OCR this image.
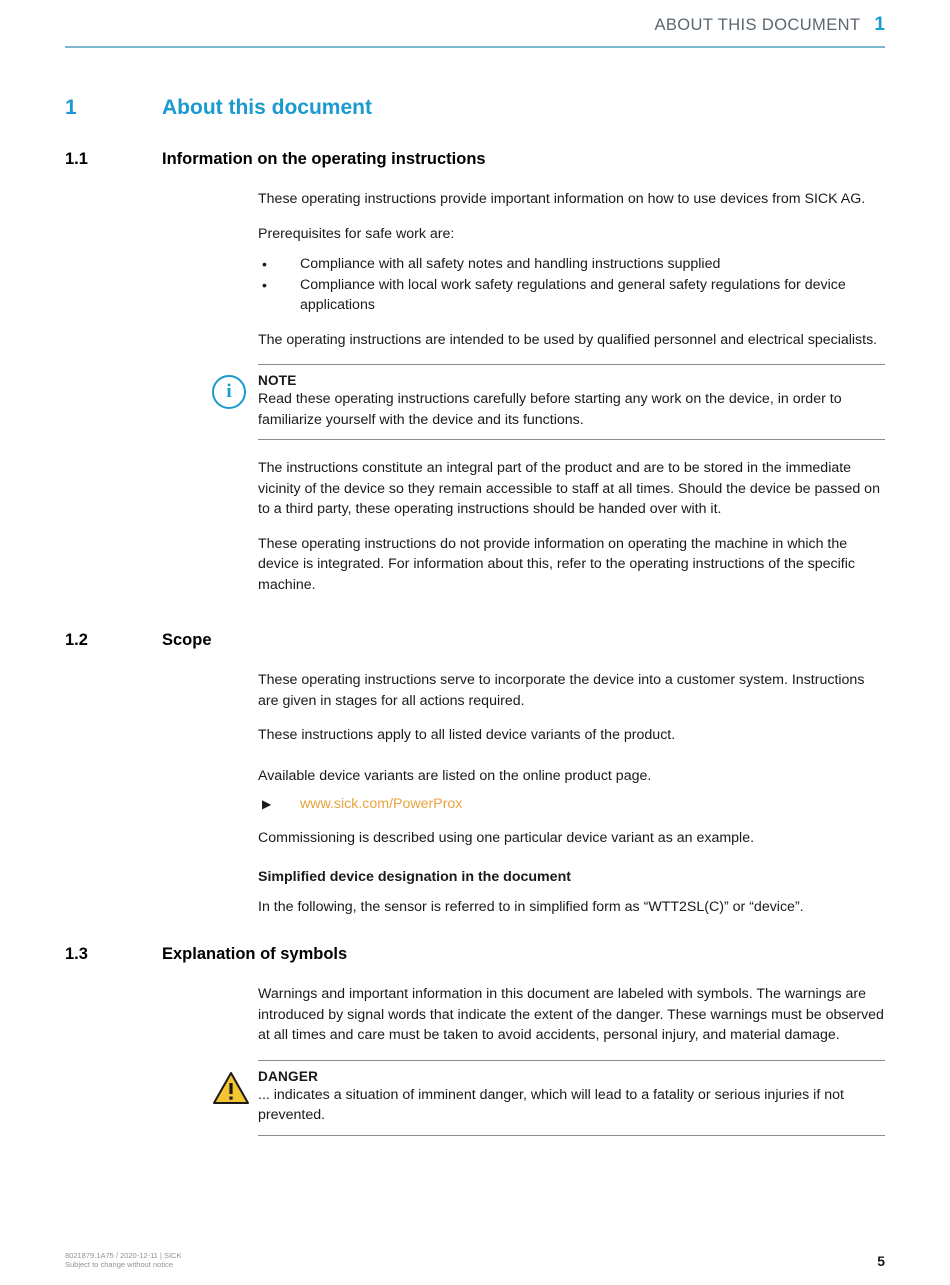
ABOUT THIS DOCUMENT 1
1	About this document
1.1	Information on the operating instructions

These operating instructions provide important information on how to use devices from SICK AG.

Prerequisites for safe work are:

• Compliance with all safety notes and handling instructions supplied
• Compliance with local work safety regulations and general safety regulations for device applications

The operating instructions are intended to be used by qualified personnel and electrical specialists.

i

NOTE

Read these operating instructions carefully before starting any work on the device, in order to familiarize yourself with the device and its functions.

The instructions constitute an integral part of the product and are to be stored in the immediate vicinity of the device so they remain accessible to staff at all times. Should the device be passed on to a third party, these operating instructions should be handed over with it.

These operating instructions do not provide information on operating the machine in which the device is integrated. For information about this, refer to the operating instructions of the specific machine.

1.2	Scope

These operating instructions serve to incorporate the device into a customer system. Instructions are given in stages for all actions required.

These instructions apply to all listed device variants of the product.

Available device variants are listed on the online product page.

▶	www.sick.com/PowerProx

Commissioning is described using one particular device variant as an example.

Simplified device designation in the document

In the following, the sensor is referred to in simplified form as “WTT2SL(C)” or “device”.

1.3	Explanation of symbols

Warnings and important information in this document are labeled with symbols. The warnings are introduced by signal words that indicate the extent of the danger. These warnings must be observed at all times and care must be taken to avoid accidents, personal injury, and material damage.

DANGER

... indicates a situation of imminent danger, which will lead to a fatality or serious injuries if not prevented.

8021879.1A75 / 2020-12-11 | SICK
Subject to change without notice	5
